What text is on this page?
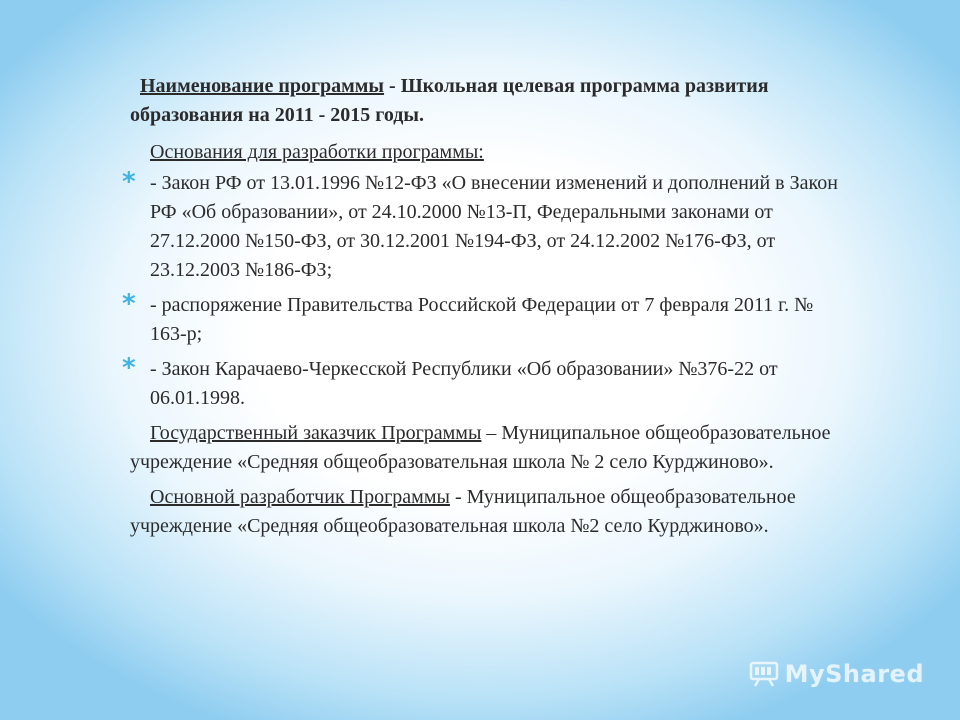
Наименование программы - Школьная целевая программа развития образования на 2011 - 2015 годы.

Основания для разработки программы:

* - Закон РФ от 13.01.1996 №12-ФЗ «О внесении изменений и дополнений в Закон РФ «Об образовании», от 24.10.2000 №13-П, Федеральными законами от 27.12.2000 №150-ФЗ, от 30.12.2001 №194-ФЗ, от 24.12.2002 №176-ФЗ, от 23.12.2003 №186-ФЗ;
* - распоряжение Правительства Российской Федерации от 7 февраля 2011 г. № 163-р;
* - Закон Карачаево-Черкесской Республики «Об образовании» №376-22 от 06.01.1998.

Государственный заказчик Программы – Муниципальное общеобразовательное учреждение «Средняя общеобразовательная школа № 2 село Курджиново».

Основной разработчик Программы - Муниципальное общеобразовательное учреждение «Средняя общеобразовательная школа №2 село Курджиново».

MyShared
